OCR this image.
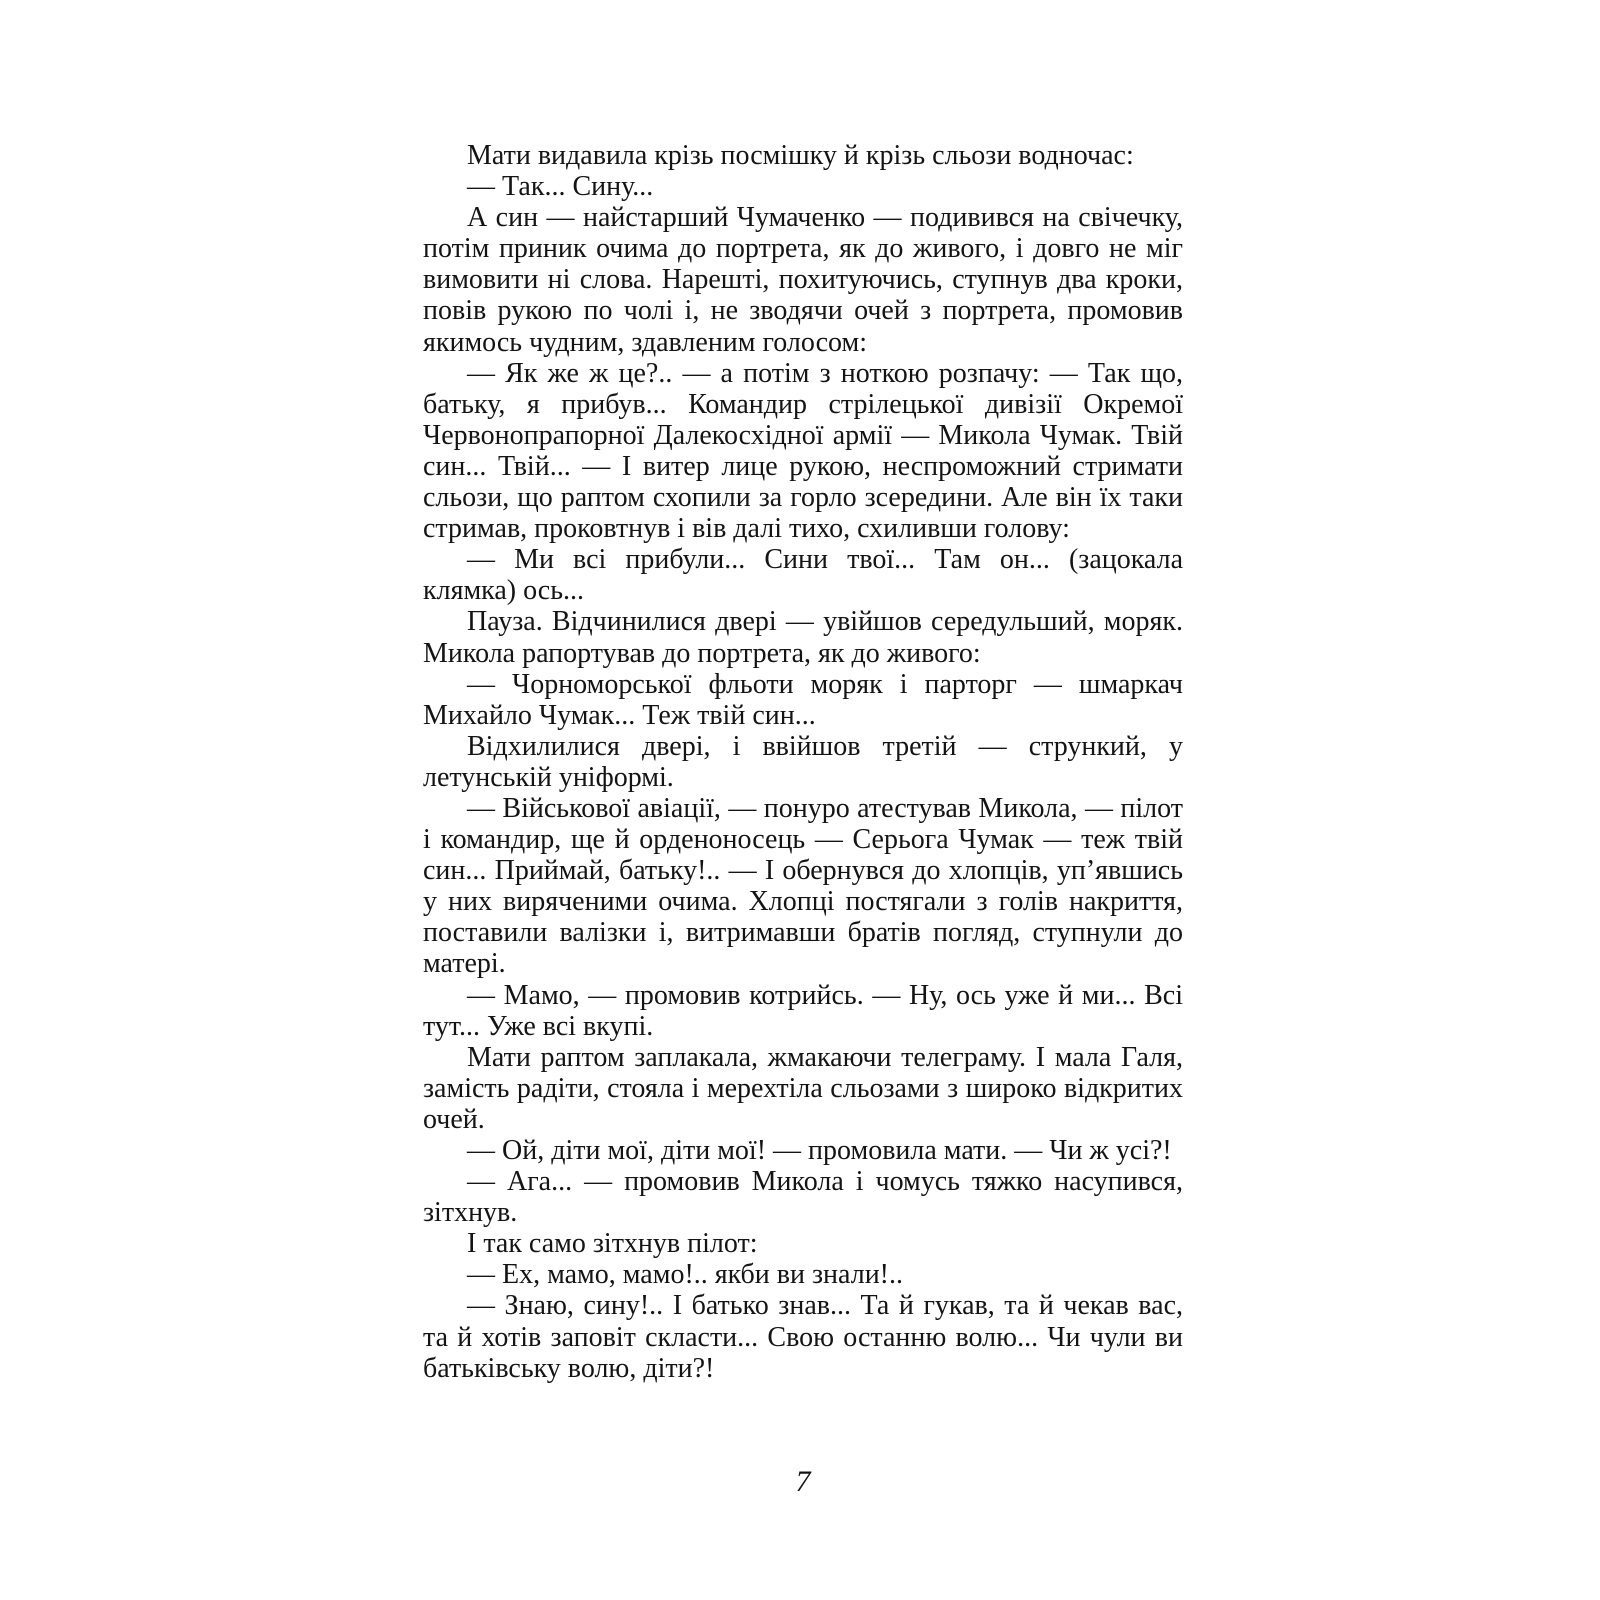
Мати видавила крізь посмішку й крізь сльози водночас:

— Так... Сину...

А син — найстарший Чумаченко — подивився на свічечку, потім приник очима до портрета, як до живого, і довго не міг вимовити ні слова. Нарешті, похитуючись, ступнув два кроки, повів рукою по чолі і, не зводячи очей з портрета, промовив якимось чудним, здавленим голосом:

— Як же ж це?.. — а потім з ноткою розпачу: — Так що, батьку, я прибув... Командир стрілецької дивізії Окремої Червонопрапорної Далекосхідної армії — Микола Чумак. Твій син... Твій... — І витер лице рукою, неспроможний стримати сльози, що раптом схопили за горло зсередини. Але він їх таки стримав, проковтнув і вів далі тихо, схиливши голову:

— Ми всі прибули... Сини твої... Там он... (зацокала клямка) ось...

Пауза. Відчинилися двері — увійшов середульший, моряк. Микола рапортував до портрета, як до живого:

— Чорноморської фльоти моряк і парторг — шмаркач Михайло Чумак... Теж твій син...

Відхилилися двері, і ввійшов третій — стрункий, у летунській уніформі.

— Військової авіації, — понуро атестував Микола, — пілот і командир, ще й орденоносець — Серьога Чумак — теж твій син... Приймай, батьку!.. — І обернувся до хлопців, уп’явшись у них виряченими очима. Хлопці постягали з голів накриття, поставили валізки і, витримавши братів погляд, ступнули до матері.

— Мамо, — промовив котрийсь. — Ну, ось уже й ми... Всі тут... Уже всі вкупі.

Мати раптом заплакала, жмакаючи телеграму. І мала Галя, замість радіти, стояла і мерехтіла сльозами з широко відкритих очей.

— Ой, діти мої, діти мої! — промовила мати. — Чи ж усі?!

— Ага... — промовив Микола і чомусь тяжко насупився, зітхнув.

І так само зітхнув пілот:

— Ех, мамо, мамо!.. якби ви знали!..

— Знаю, сину!.. І батько знав... Та й гукав, та й чекав вас, та й хотів заповіт скласти... Свою останню волю... Чи чули ви батьківську волю, діти?!

7
